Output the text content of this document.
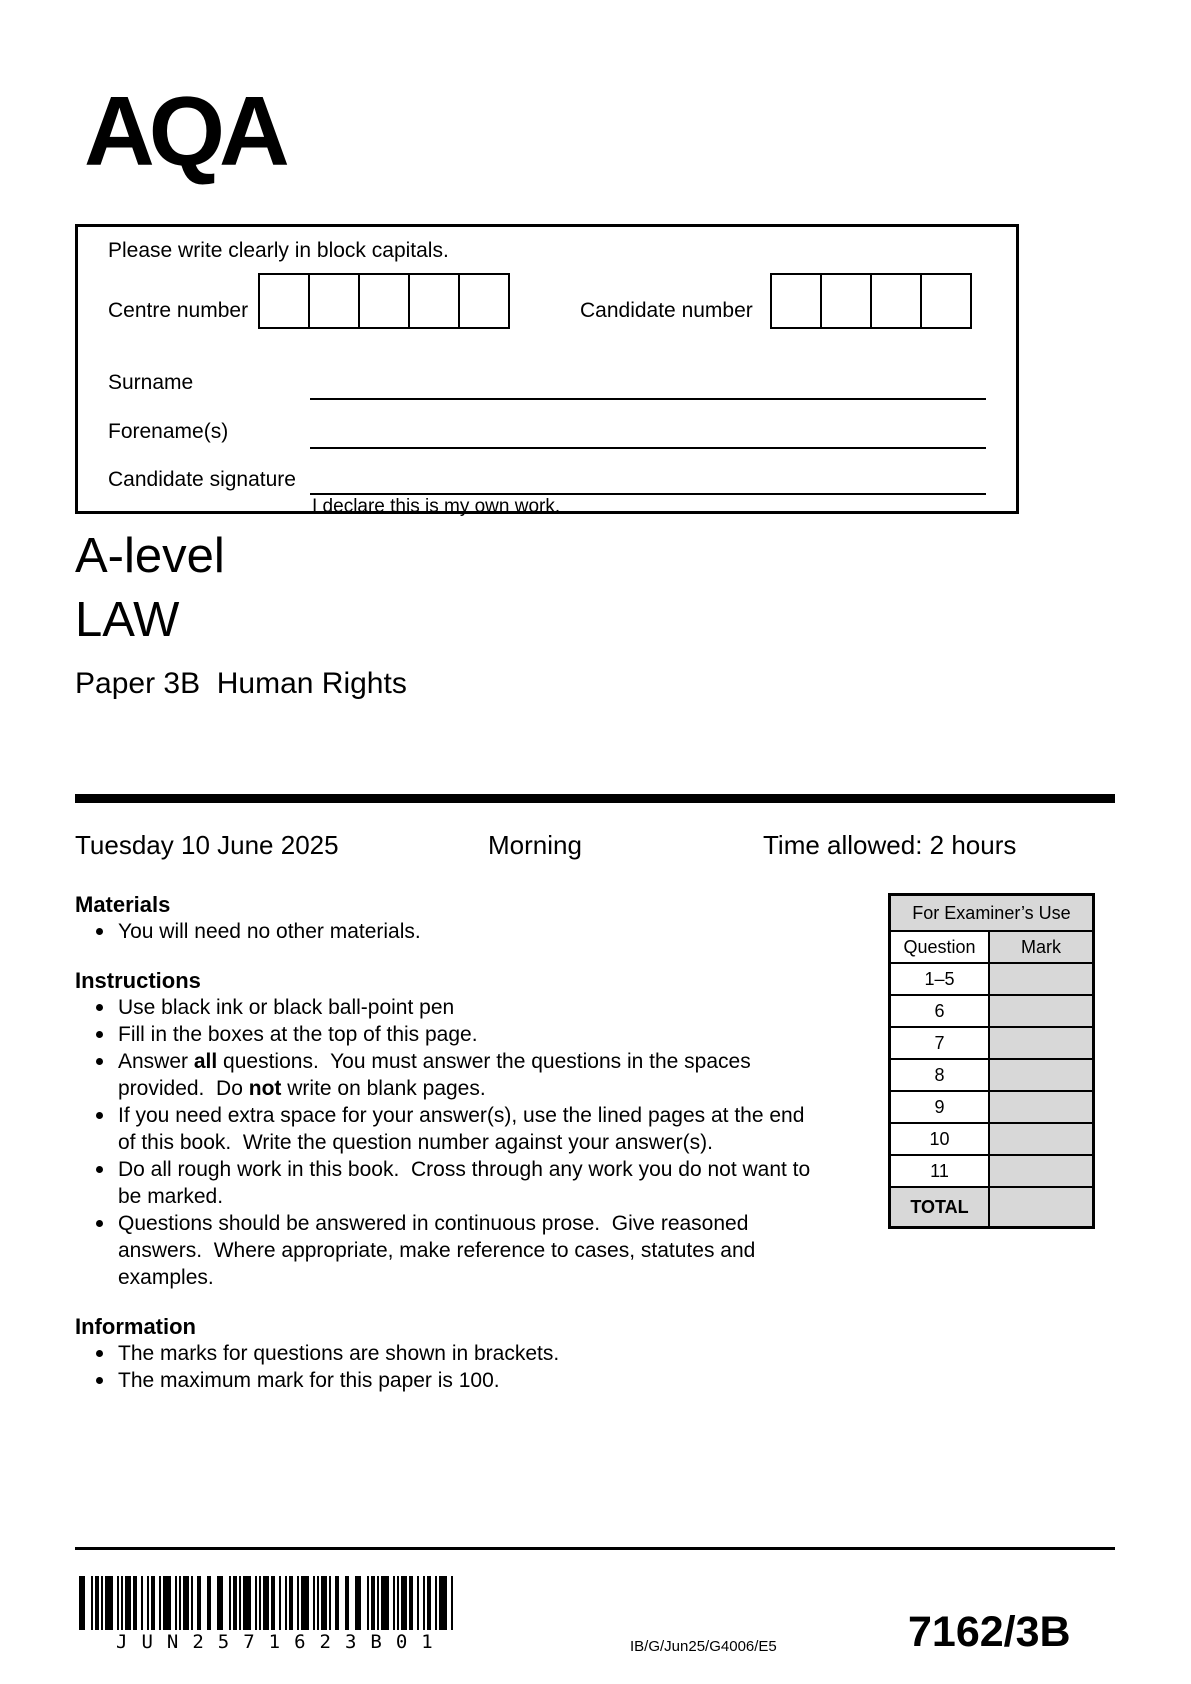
AQA
Please write clearly in block capitals.
Centre number	Candidate number
Surname
Forename(s)
Candidate signature
I declare this is my own work.
A-level
LAW
Paper 3B  Human Rights
Tuesday 10 June 2025	Morning	Time allowed: 2 hours
Materials
You will need no other materials.
Instructions
Use black ink or black ball-point pen
Fill in the boxes at the top of this page.
Answer all questions.  You must answer the questions in the spaces provided.  Do not write on blank pages.
If you need extra space for your answer(s), use the lined pages at the end of this book.  Write the question number against your answer(s).
Do all rough work in this book.  Cross through any work you do not want to be marked.
Questions should be answered in continuous prose.  Give reasoned answers.  Where appropriate, make reference to cases, statutes and examples.
Information
The marks for questions are shown in brackets.
The maximum mark for this paper is 100.
For Examiner’s Use	
Question	Mark
1–5	
6	
7	
8	
9	
10	
11	
TOTAL	
JUN2571623B01	IB/G/Jun25/G4006/E5	7162/3B
